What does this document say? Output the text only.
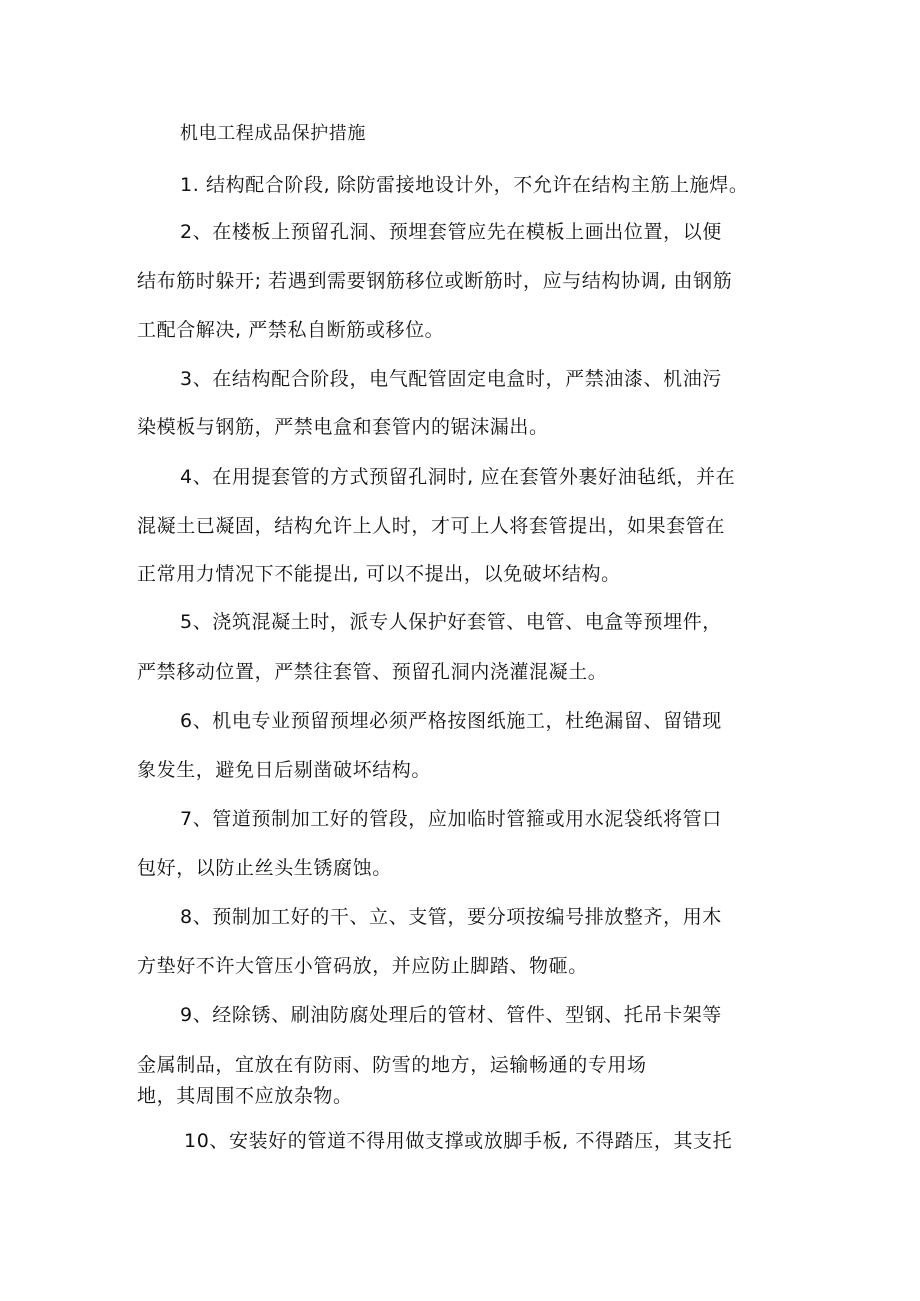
机电工程成品保护措施
1. 结构配合阶段, 除防雷接地设计外，不允许在结构主筋上施焊。
2、在楼板上预留孔洞、预埋套管应先在模板上画出位置，以便
结布筋时躲开; 若遇到需要钢筋移位或断筋时，应与结构协调, 由钢筋
工配合解决, 严禁私自断筋或移位。
3、在结构配合阶段，电气配管固定电盒时，严禁油漆、机油污
染模板与钢筋，严禁电盒和套管内的锯沫漏出。
4、在用提套管的方式预留孔洞时, 应在套管外裹好油毡纸，并在
混凝土已凝固，结构允许上人时，才可上人将套管提出，如果套管在
正常用力情况下不能提出, 可以不提出，以免破坏结构。
5、浇筑混凝土时，派专人保护好套管、电管、电盒等预埋件，
严禁移动位置，严禁往套管、预留孔洞内浇灌混凝土。
6、机电专业预留预埋必须严格按图纸施工，杜绝漏留、留错现
象发生，避免日后剔凿破坏结构。
7、管道预制加工好的管段，应加临时管箍或用水泥袋纸将管口
包好，以防止丝头生锈腐蚀。
8、预制加工好的干、立、支管，要分项按编号排放整齐，用木
方垫好不许大管压小管码放，并应防止脚踏、物砸。
9、经除锈、刷油防腐处理后的管材、管件、型钢、托吊卡架等
金属制品，宜放在有防雨、防雪的地方，运输畅通的专用场
地，其周围不应放杂物。
10、安装好的管道不得用做支撑或放脚手板, 不得踏压，其支托
